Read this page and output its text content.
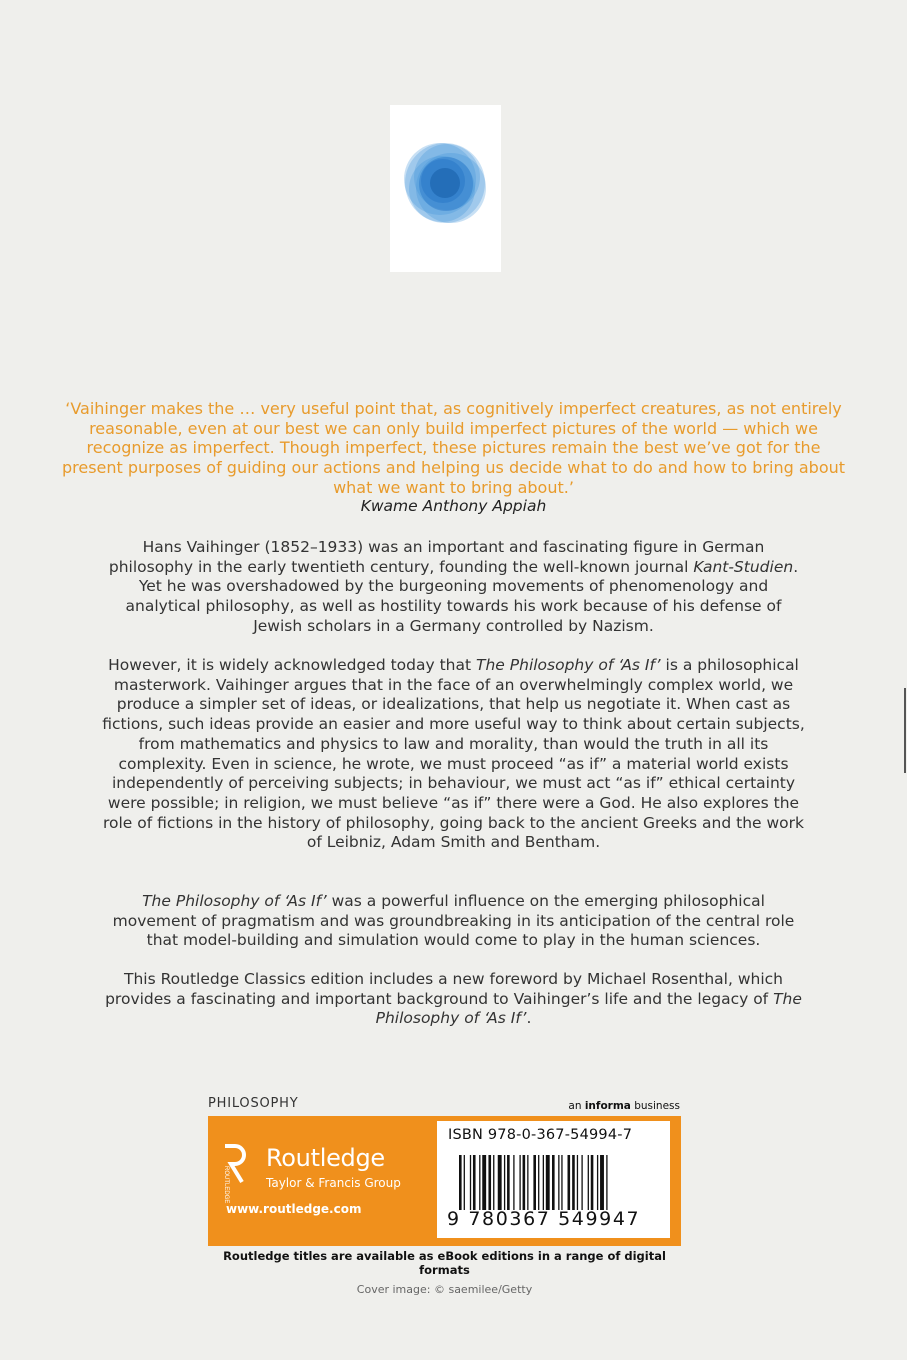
‘Vaihinger makes the … very useful point that, as cognitively imperfect creatures, as not entirely reasonable, even at our best we can only build imperfect pictures of the world — which we recognize as imperfect. Though imperfect, these pictures remain the best we’ve got for the present purposes of guiding our actions and helping us decide what to do and how to bring about what we want to bring about.’

Kwame Anthony Appiah

Hans Vaihinger (1852–1933) was an important and fascinating figure in German philosophy in the early twentieth century, founding the well-known journal Kant-Studien. Yet he was overshadowed by the burgeoning movements of phenomenology and analytical philosophy, as well as hostility towards his work because of his defense of Jewish scholars in a Germany controlled by Nazism.

However, it is widely acknowledged today that The Philosophy of ‘As If’ is a philosophical masterwork. Vaihinger argues that in the face of an overwhelmingly complex world, we produce a simpler set of ideas, or idealizations, that help us negotiate it. When cast as fictions, such ideas provide an easier and more useful way to think about certain subjects, from mathematics and physics to law and morality, than would the truth in all its complexity. Even in science, he wrote, we must proceed “as if” a material world exists independently of perceiving subjects; in behaviour, we must act “as if” ethical certainty were possible; in religion, we must believe “as if” there were a God. He also explores the role of fictions in the history of philosophy, going back to the ancient Greeks and the work of Leibniz, Adam Smith and Bentham.

The Philosophy of ‘As If’ was a powerful influence on the emerging philosophical movement of pragmatism and was groundbreaking in its anticipation of the central role that model-building and simulation would come to play in the human sciences.

This Routledge Classics edition includes a new foreword by Michael Rosenthal, which provides a fascinating and important background to Vaihinger’s life and the legacy of The Philosophy of ‘As If’.

PHILOSOPHY	an informa business
ROUTLEDGE
Routledge
Taylor & Francis Group
www.routledge.com
ISBN 978-0-367-54994-7
9 780367 549947
Routledge titles are available as eBook editions in a range of digital formats
Cover image: © saemilee/Getty
